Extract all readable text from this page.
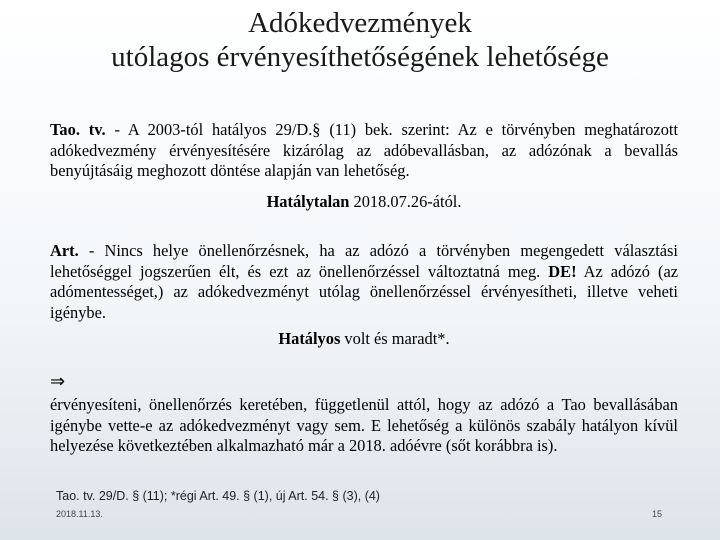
Adókedvezmények
utólagos érvényesíthetőségének lehetősége

Tao. tv. - A 2003-tól hatályos 29/D.§ (11) bek. szerint: Az e törvényben meghatározott adókedvezmény érvényesítésére kizárólag az adóbevallásban, az adózónak a bevallás benyújtásáig meghozott döntése alapján van lehetőség.

Hatálytalan 2018.07.26-ától.

Art. - Nincs helye önellenőrzésnek, ha az adózó a törvényben megengedett választási lehetőséggel jogszerűen élt, és ezt az önellenőrzéssel változtatná meg. DE! Az adózó (az adómentességet,) az adókedvezményt utólag önellenőrzéssel érvényesítheti, illetve veheti igénybe.

Hatályos volt és maradt*.

⇒

érvényesíteni, önellenőrzés keretében, függetlenül attól, hogy az adózó a Tao bevallásában igénybe vette-e az adókedvezményt vagy sem. E lehetőség a különös szabály hatályon kívül helyezése következtében alkalmazható már a 2018. adóévre (sőt korábbra is).

Tao. tv. 29/D. § (11); *régi Art. 49. § (1), új Art. 54. § (3), (4)
2018.11.13.	15
